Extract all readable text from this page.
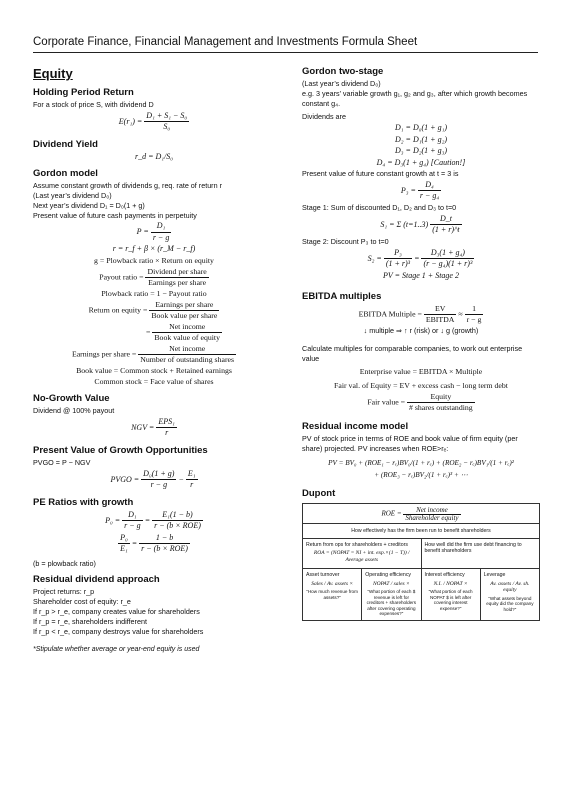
Corporate Finance, Financial Management and Investments Formula Sheet
Equity
Holding Period Return
For a stock of price S, with dividend D
$E(r_1) = \frac{\text{D₁ + S₁ − S₀}}{\text{S₀}}$
Dividend Yield
r_d = D₁/S₀
Gordon model
Assume constant growth of dividends g, req. rate of return r
(Last year’s dividend D₀)
Next year’s dividend D₁ = D₀(1 + g)
Present value of future cash payments in perpetuity
$P = \frac{\text{D₁}}{r - g}$
r = r_f + β × (r_M − r_f)
g = Plowback ratio × Return on equity
Payout ratio = $\frac{\text{Dividend per share}}{\text{Earnings per share}}$
Plowback ratio = 1 − Payout ratio
Return on equity = $\frac{\text{Earnings per share}}{\text{Book value per share}}$
= $\frac{\text{Net income}}{\text{Book value of equity}}$
Earnings per share = $\frac{\text{Net income}}{\text{Number of outstanding shares}}$
Book value = Common stock + Retained earnings
Common stock = Face value of shares
No-Growth Value
Dividend @ 100% payout
NGV = $\frac{\text{EPS₁}}{r}$
Present Value of Growth Opportunities
PVGO = P − NGV
PVGO = $\frac{\text{D₀(1 + g)}}{r - g} - \frac{\text{E₁}}{r}$
PE Ratios with growth
$P_0 = \frac{\text{D₁}}{r - g} = \frac{\text{E₁(1 − b)}}{\text{r − (b × ROE)}}$
$\frac{\text{P₀}}{\text{E₁}} = \frac{1 - b}{\text{r − (b × ROE)}}$
(b = plowback ratio)
Residual dividend approach
Project returns: r_p
Shareholder cost of equity: r_e
If r_p > r_e, company creates value for shareholders
If r_p = r_e, shareholders indifferent
If r_p < r_e, company destroys value for shareholders
*Stipulate whether average or year-end equity is used
Gordon two-stage
(Last year’s dividend D₀)
e.g. 3 years’ variable growth g₁, g₂ and g₃, after which growth becomes constant g₄.
Dividends are
D₁ = D₀(1 + g₁)
D₂ = D₁(1 + g₂)
D₃ = D₂(1 + g₃)
D₄ = D₃(1 + g₄) [Caution!]
Present value of future constant growth at t = 3 is
$P_3 = \frac{\text{D₄}}{\text{r − g₄}}$
Stage 1: Sum of discounted D₁, D₂ and D₃ to t=0
S₁ = Σ $(t=1..3) \frac{D\_t}{(1 + r)\^{}t}$
Stage 2: Discount P₃ to t=0
$S_2 = \frac{\text{P₃}}{\text{(1 + r)³}} = \frac{\text{D₃(1 + g₄)}}{\text{(r − g₄)(1 + r)³}}$
PV = Stage 1 + Stage 2
EBITDA multiples
EBITDA Multiple = $\frac{EV}{\text{EBITDA}} \approx \frac{1}{r - g}$
↓ multiple ⇒ ↑ r (risk) or ↓ g (growth)
Calculate multiples for comparable companies, to work out enterprise value
Enterprise value = EBITDA × Multiple
Fair val. of Equity = EV + excess cash − long term debt
Fair value = $\frac{\text{Equity}}{\text{\# shares outstanding}}$
Residual income model
PV of stock price in terms of ROE and book value of firm equity (per share) projected. PV increases when ROE>rₑ:
PV = BV₀ + (ROE₁ − rₑ)BV₀/(1 + rₑ) + (ROE₂ − rₑ)BV₁/(1 + rₑ)²
+ (ROE₃ − rₑ)BV₂/(1 + rₑ)³ + ⋯
Dupont
ROE = $\frac{\text{Net income}}{\text{Shareholder equity}}$
How effectively has the firm been run to benefit shareholders
Return from ops for shareholders + creditors
ROA = (NOPAT = NI + int. exp.×(1 − T)) / Average assets
How well did the firm use debt financing to benefit shareholders
Asset turnover
Sales / Av. assets ×
“How much revenue from assets?”
Operating efficiency
NOPAT / sales ×
“What portion of each $ revenue is left for creditors + shareholders after covering operating expenses?”
Interest efficiency
N.I. / NOPAT ×
“What portion of each NOPAT $ is left after covering interest expense?”
Leverage
Av. assets / Av. sh. equity
“What assets beyond equity did the company hold?”
